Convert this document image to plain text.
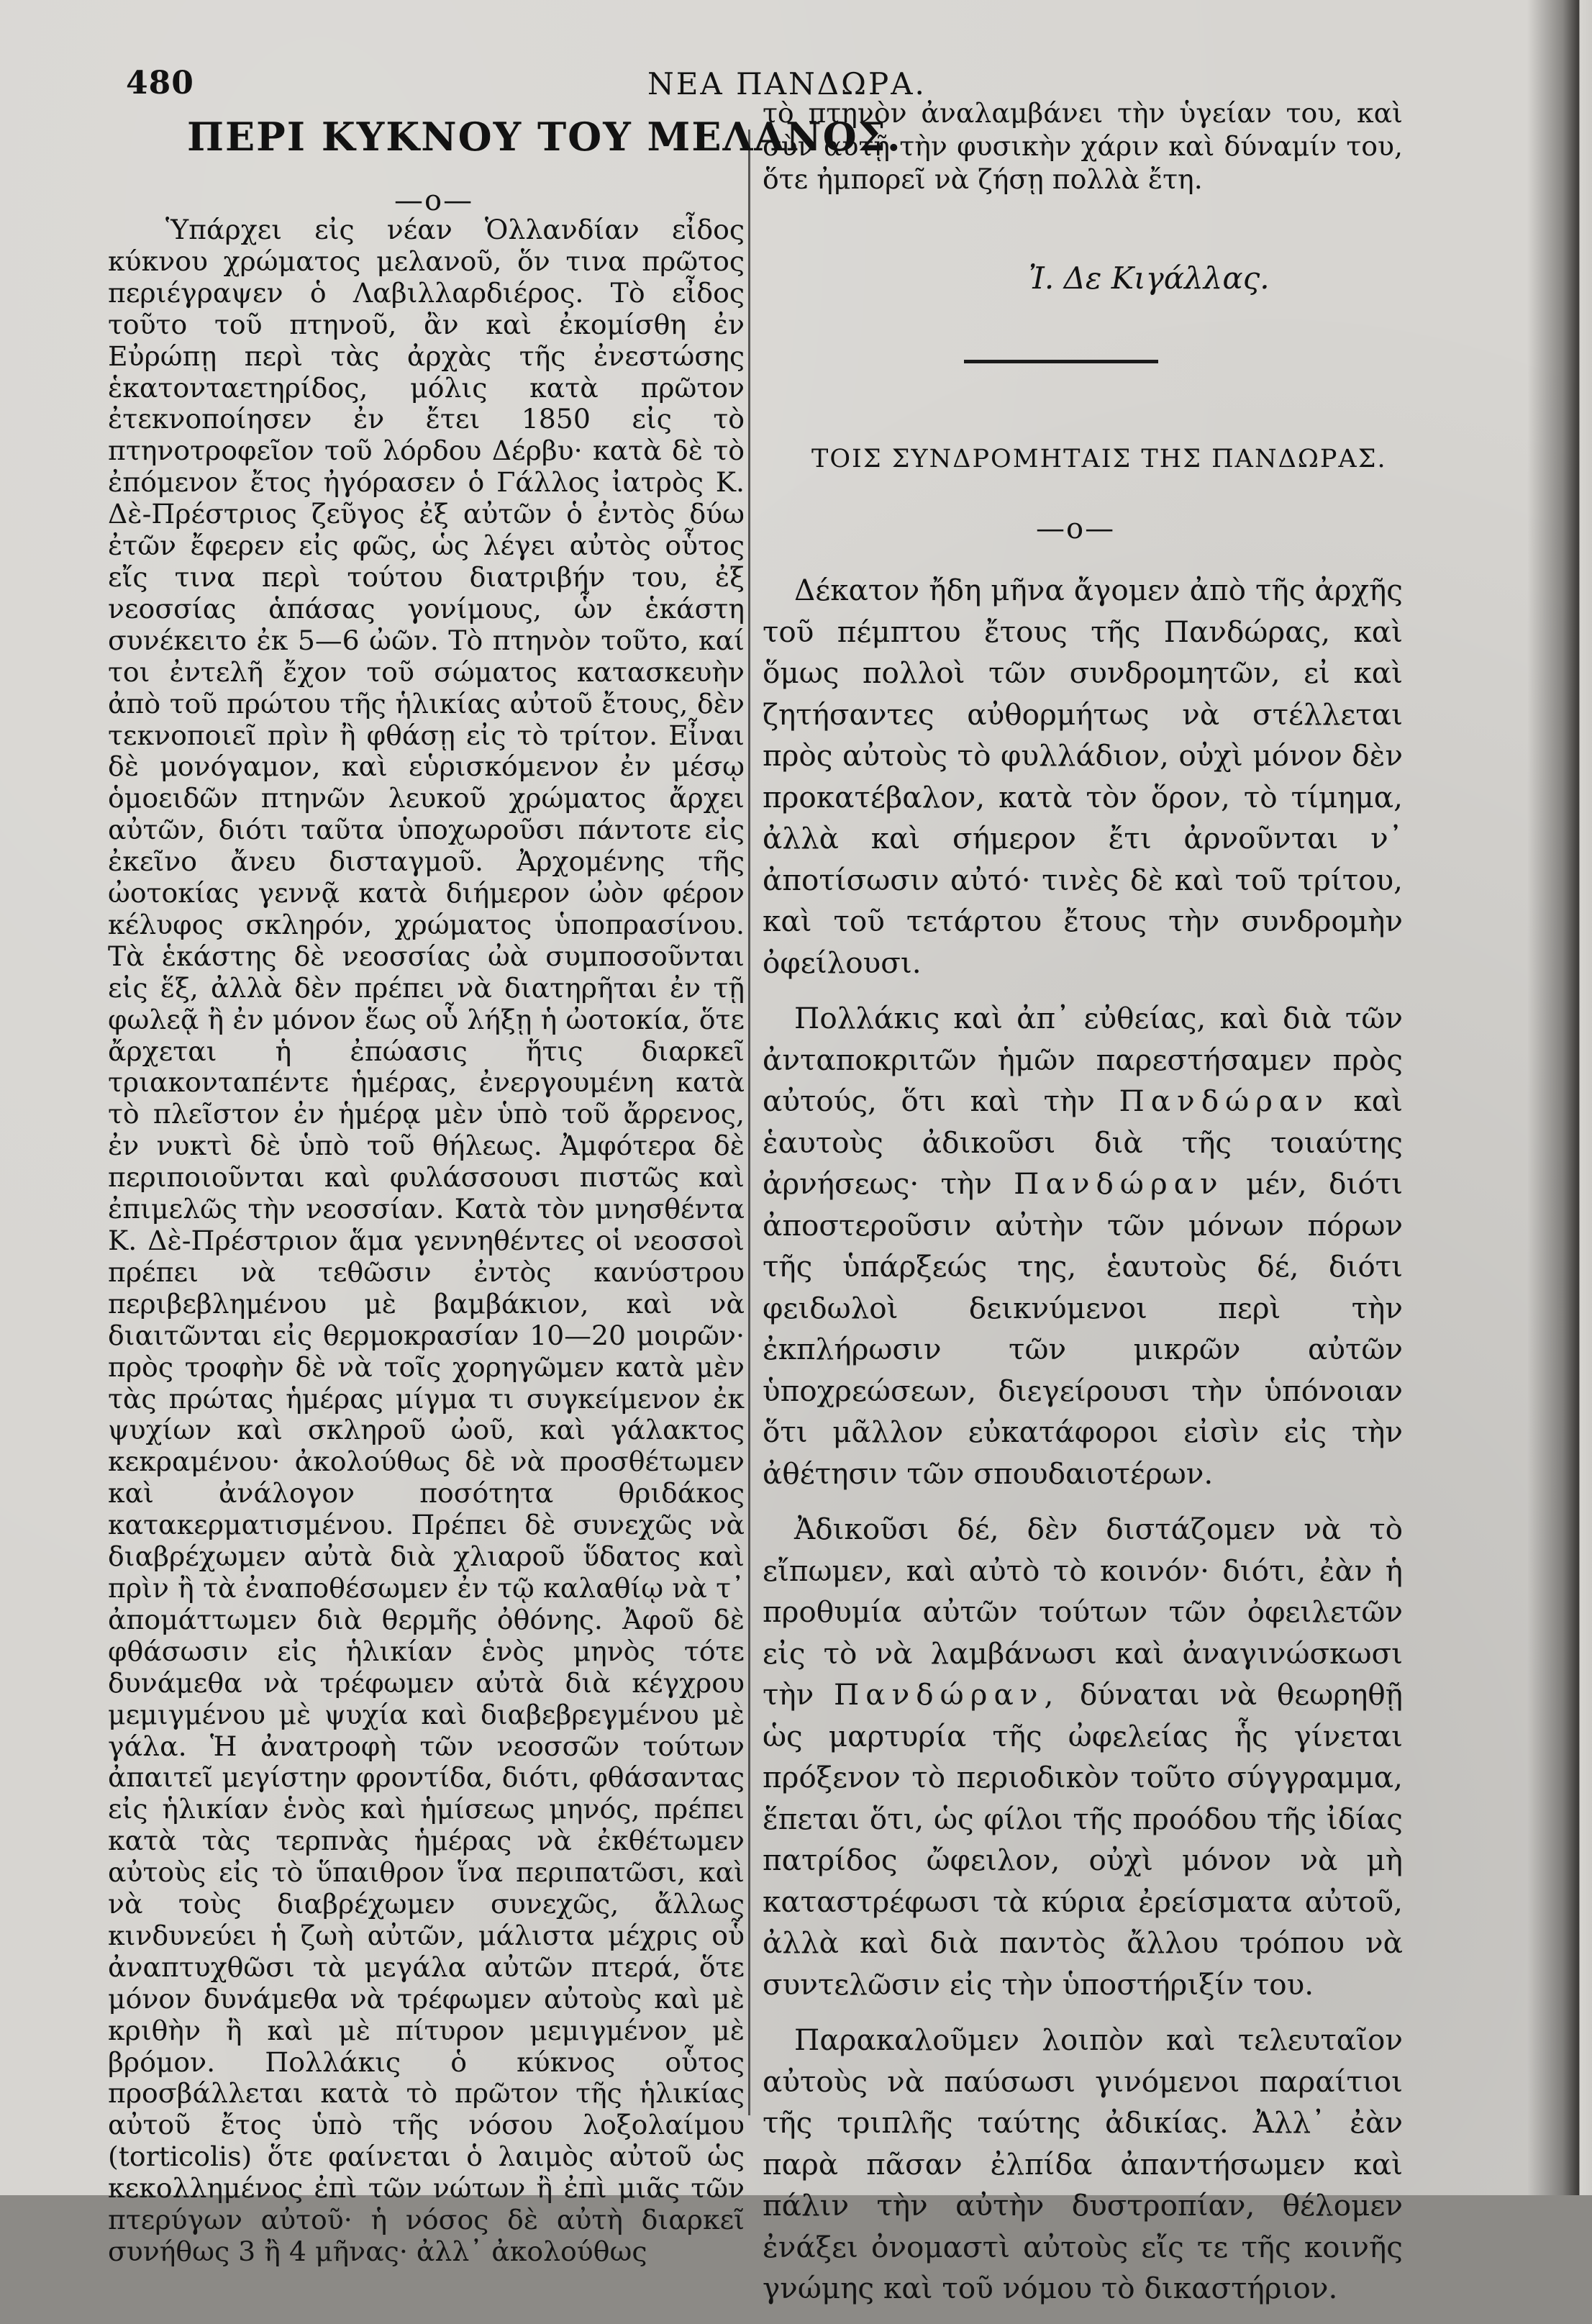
480	ΝΕΑ ΠΑΝΔΩΡΑ.
ΠΕΡΙ ΚΥΚΝΟΥ ΤΟΥ ΜΕΛΑΝΟΣ.
—ο—

Ὑπάρχει εἰς νέαν Ὁλλανδίαν εἶδος κύκνου χρώματος μελανοῦ, ὅν τινα πρῶτος περιέγραψεν ὁ Λαβιλλαρδιέρος. Τὸ εἶδος τοῦτο τοῦ πτηνοῦ, ἂν καὶ ἐκομίσθη ἐν Εὐρώπῃ περὶ τὰς ἀρχὰς τῆς ἐνεστώσης ἑκατονταετηρίδος, μόλις κατὰ πρῶτον ἐτεκνοποίησεν ἐν ἔτει 1850 εἰς τὸ πτηνοτροφεῖον τοῦ λόρδου Δέρβυ· κατὰ δὲ τὸ ἐπόμενον ἔτος ἠγόρασεν ὁ Γάλλος ἰατρὸς Κ. Δὲ-Πρέστριος ζεῦγος ἐξ αὐτῶν ὁ ἐντὸς δύω ἐτῶν ἔφερεν εἰς φῶς, ὡς λέγει αὐτὸς οὗτος εἴς τινα περὶ τούτου διατριβήν του, ἐξ νεοσσίας ἁπάσας γονίμους, ὧν ἑκάστη συνέκειτο ἐκ 5—6 ὠῶν. Τὸ πτηνὸν τοῦτο, καί τοι ἐντελῆ ἔχον τοῦ σώματος κατασκευὴν ἀπὸ τοῦ πρώτου τῆς ἡλικίας αὐτοῦ ἔτους, δὲν τεκνοποιεῖ πρὶν ἢ φθάσῃ εἰς τὸ τρίτον. Εἶναι δὲ μονόγαμον, καὶ εὑρισκόμενον ἐν μέσῳ ὁμοειδῶν πτηνῶν λευκοῦ χρώματος ἄρχει αὐτῶν, διότι ταῦτα ὑποχωροῦσι πάντοτε εἰς ἐκεῖνο ἄνευ δισταγμοῦ. Ἀρχομένης τῆς ὠοτοκίας γεννᾷ κατὰ διήμερον ὠὸν φέρον κέλυφος σκληρόν, χρώματος ὑποπρασίνου. Τὰ ἑκάστης δὲ νεοσσίας ὠὰ συμποσοῦνται εἰς ἕξ, ἀλλὰ δὲν πρέπει νὰ διατηρῆται ἐν τῇ φωλεᾷ ἢ ἐν μόνον ἕως οὗ λήξῃ ἡ ὠοτοκία, ὅτε ἄρχεται ἡ ἐπώασις ἥτις διαρκεῖ τριακονταπέντε ἡμέρας, ἐνεργουμένη κατὰ τὸ πλεῖστον ἐν ἡμέρᾳ μὲν ὑπὸ τοῦ ἄρρενος, ἐν νυκτὶ δὲ ὑπὸ τοῦ θήλεως. Ἀμφότερα δὲ περιποιοῦνται καὶ φυλάσσουσι πιστῶς καὶ ἐπιμελῶς τὴν νεοσσίαν. Κατὰ τὸν μνησθέντα Κ. Δὲ-Πρέστριον ἅμα γεννηθέντες οἱ νεοσσοὶ πρέπει νὰ τεθῶσιν ἐντὸς κανύστρου περιβεβλημένου μὲ βαμβάκιον, καὶ νὰ διαιτῶνται εἰς θερμοκρασίαν 10—20 μοιρῶν· πρὸς τροφὴν δὲ νὰ τοῖς χορηγῶμεν κατὰ μὲν τὰς πρώτας ἡμέρας μίγμα τι συγκείμενον ἐκ ψυχίων καὶ σκληροῦ ὠοῦ, καὶ γάλακτος κεκραμένου· ἀκολούθως δὲ νὰ προσθέτωμεν καὶ ἀνάλογον ποσότητα θριδάκος κατακερματισμένου. Πρέπει δὲ συνεχῶς νὰ διαβρέχωμεν αὐτὰ διὰ χλιαροῦ ὕδατος καὶ πρὶν ἢ τὰ ἐναποθέσωμεν ἐν τῷ καλαθίῳ νὰ τ᾽ ἀπομάττωμεν διὰ θερμῆς ὀθόνης. Ἀφοῦ δὲ φθάσωσιν εἰς ἡλικίαν ἑνὸς μηνὸς τότε δυνάμεθα νὰ τρέφωμεν αὐτὰ διὰ κέγχρου μεμιγμένου μὲ ψυχία καὶ διαβεβρεγμένου μὲ γάλα. Ἡ ἀνατροφὴ τῶν νεοσσῶν τούτων ἀπαιτεῖ μεγίστην φροντίδα, διότι, φθάσαντας εἰς ἡλικίαν ἑνὸς καὶ ἡμίσεως μηνός, πρέπει κατὰ τὰς τερπνὰς ἡμέρας νὰ ἐκθέτωμεν αὐτοὺς εἰς τὸ ὕπαιθρον ἵνα περιπατῶσι, καὶ νὰ τοὺς διαβρέχωμεν συνεχῶς, ἄλλως κινδυνεύει ἡ ζωὴ αὐτῶν, μάλιστα μέχρις οὗ ἀναπτυχθῶσι τὰ μεγάλα αὐτῶν πτερά, ὅτε μόνον δυνάμεθα νὰ τρέφωμεν αὐτοὺς καὶ μὲ κριθὴν ἢ καὶ μὲ πίτυρον μεμιγμένον μὲ βρόμον. Πολλάκις ὁ κύκνος οὗτος προσβάλλεται κατὰ τὸ πρῶτον τῆς ἡλικίας αὐτοῦ ἔτος ὑπὸ τῆς νόσου λοξολαίμου (torticolis) ὅτε φαίνεται ὁ λαιμὸς αὐτοῦ ὡς κεκολλημένος ἐπὶ τῶν νώτων ἢ ἐπὶ μιᾶς τῶν πτερύγων αὐτοῦ· ἡ νόσος δὲ αὐτὴ διαρκεῖ συνήθως 3 ἢ 4 μῆνας· ἀλλ᾽ ἀκολούθως

τὸ πτηνὸν ἀναλαμβάνει τὴν ὑγείαν του, καὶ σὺν αὐτῇ τὴν φυσικὴν χάριν καὶ δύναμίν του, ὅτε ἠμπορεῖ νὰ ζήσῃ πολλὰ ἔτη.

Ἰ. Δε Κιγάλλας.
ΤΟΙΣ ΣΥΝΔΡΟΜΗΤΑΙΣ ΤΗΣ ΠΑΝΔΩΡΑΣ.
—ο—

Δέκατον ἤδη μῆνα ἄγομεν ἀπὸ τῆς ἀρχῆς τοῦ πέμπτου ἔτους τῆς Πανδώρας, καὶ ὅμως πολλοὶ τῶν συνδρομητῶν, εἰ καὶ ζητήσαντες αὐθορμήτως νὰ στέλλεται πρὸς αὐτοὺς τὸ φυλλάδιον, οὐχὶ μόνον δὲν προκατέβαλον, κατὰ τὸν ὅρον, τὸ τίμημα, ἀλλὰ καὶ σήμερον ἔτι ἀρνοῦνται ν᾽ ἀποτίσωσιν αὐτό· τινὲς δὲ καὶ τοῦ τρίτου, καὶ τοῦ τετάρτου ἔτους τὴν συνδρομὴν ὀφείλουσι.

Πολλάκις καὶ ἀπ᾽ εὐθείας, καὶ διὰ τῶν ἀνταποκριτῶν ἡμῶν παρεστήσαμεν πρὸς αὐτούς, ὅτι καὶ τὴν Πανδώραν καὶ ἑαυτοὺς ἀδικοῦσι διὰ τῆς τοιαύτης ἀρνήσεως· τὴν Πανδώραν μέν, διότι ἀποστεροῦσιν αὐτὴν τῶν μόνων πόρων τῆς ὑπάρξεώς της, ἑαυτοὺς δέ, διότι φειδωλοὶ δεικνύμενοι περὶ τὴν ἐκπλήρωσιν τῶν μικρῶν αὐτῶν ὑποχρεώσεων, διεγείρουσι τὴν ὑπόνοιαν ὅτι μᾶλλον εὐκατάφοροι εἰσὶν εἰς τὴν ἀθέτησιν τῶν σπουδαιοτέρων.

Ἀδικοῦσι δέ, δὲν διστάζομεν νὰ τὸ εἴπωμεν, καὶ αὐτὸ τὸ κοινόν· διότι, ἐὰν ἡ προθυμία αὐτῶν τούτων τῶν ὀφειλετῶν εἰς τὸ νὰ λαμβάνωσι καὶ ἀναγινώσκωσι τὴν Πανδώραν, δύναται νὰ θεωρηθῇ ὡς μαρτυρία τῆς ὠφελείας ἧς γίνεται πρόξενον τὸ περιοδικὸν τοῦτο σύγγραμμα, ἕπεται ὅτι, ὡς φίλοι τῆς προόδου τῆς ἰδίας πατρίδος ὤφειλον, οὐχὶ μόνον νὰ μὴ καταστρέφωσι τὰ κύρια ἐρείσματα αὐτοῦ, ἀλλὰ καὶ διὰ παντὸς ἄλλου τρόπου νὰ συντελῶσιν εἰς τὴν ὑποστήριξίν του.

Παρακαλοῦμεν λοιπὸν καὶ τελευταῖον αὐτοὺς νὰ παύσωσι γινόμενοι παραίτιοι τῆς τριπλῆς ταύτης ἀδικίας. Ἀλλ᾽ ἐὰν παρὰ πᾶσαν ἐλπίδα ἀπαντήσωμεν καὶ πάλιν τὴν αὐτὴν δυστροπίαν, θέλομεν ἐνάξει ὀνομαστὶ αὐτοὺς εἴς τε τῆς κοινῆς γνώμης καὶ τοῦ νόμου τὸ δικαστήριον.
